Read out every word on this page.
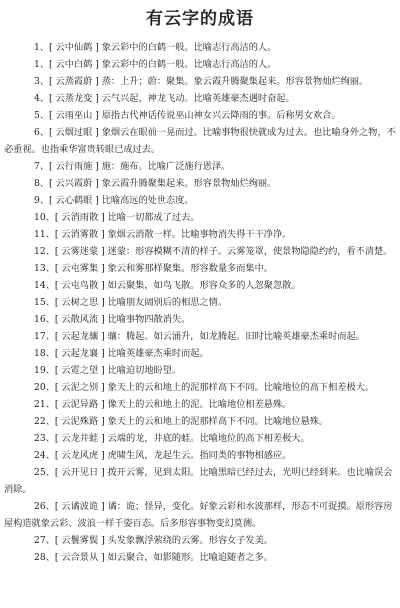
有云字的成语

1、[ 云中仙鹤 ] 象云彩中的白鹤一般。比喻志行高洁的人。

1、[ 云中白鹤 ] 象云彩中的白鹤一般。比喻志行高洁的人。

3、[ 云蒸霞蔚 ] 蒸：上升；蔚：聚集。象云霞升腾聚集起来。形容景物灿烂绚丽。

4、[ 云蒸龙变 ] 云气兴起，神龙飞动。比喻英雄豪杰遇时奋起。

5、[ 云雨巫山 ] 原指古代神话传说巫山神女兴云降雨的事。后称男女欢合。

6、[ 云烟过眼 ] 象烟云在眼前一晃而过。比喻事物很快就成为过去。也比喻身外之物，不必重视。也指乘华富贵转眼已成过去。

7、[ 云行雨施 ] 施：施布。比喻广泛施行恩泽。

8、[ 云兴霞蔚 ] 象云霞升腾聚集起来。形容景物灿烂绚丽。

9、[ 云心鹤眼 ] 比喻高远的处世态度。

10、[ 云消雨散 ] 比喻一切都成了过去。

11、[ 云消雾散 ] 象烟云消散一样。比喻事物消失得干干净净。

12、[ 云雾迷蒙 ] 迷蒙：形容模糊不清的样子。云雾笼罩，使景物隐隐约约，看不清楚。

13、[ 云屯雾集 ] 象云和雾那样聚集。形容数量多而集中。

14、[ 云屯鸟散 ] 如云聚集，如鸟飞散。形容众多的人忽聚忽散。

15、[ 云树之思 ] 比喻朋友阔别后的相思之情。

16、[ 云散风流 ] 比喻事物四散消失。

17、[ 云起龙骧 ] 骧：腾起。如云涌升，如龙腾起。旧时比喻英雄豪杰乘时而起。

18、[ 云起龙襄 ] 比喻英雄豪杰乘时而起。

19、[ 云霓之望 ] 比喻迫切地盼望。

20、[ 云泥之别 ] 象天上的云和地上的泥那样高下不同。比喻地位的高下相差极大。

21、[ 云泥异路 ] 像天上的云和地上的泥。比喻地位相差悬殊。

22、[ 云泥殊路 ] 象天上的云和地上的泥那样高下不同。比喻地位悬殊。

23、[ 云龙井蛙 ] 云端的龙，井底的蛙。比喻地位的高下相差极大。

24、[ 云龙风虎 ] 虎啸生风，龙起生云。指同类的事物相感应。

25、[ 云开见日 ] 拨开云雾，见到太阳。比喻黑暗已经过去，光明已经到来。也比喻误会消除。

26、[ 云谲波诡 ] 谲：诡；怪异，变化。好象云彩和水波那样，形态不可捉摸。原形容房屋构造就象云彩、波浪一样千姿百态。后多形容事物变幻莫测。

27、[ 云鬟雾鬓 ] 头发象飘浮萦绕的云雾。形容女子发美。

28、[ 云合景从 ] 如云聚合，如影随形。比喻追随者之多。
